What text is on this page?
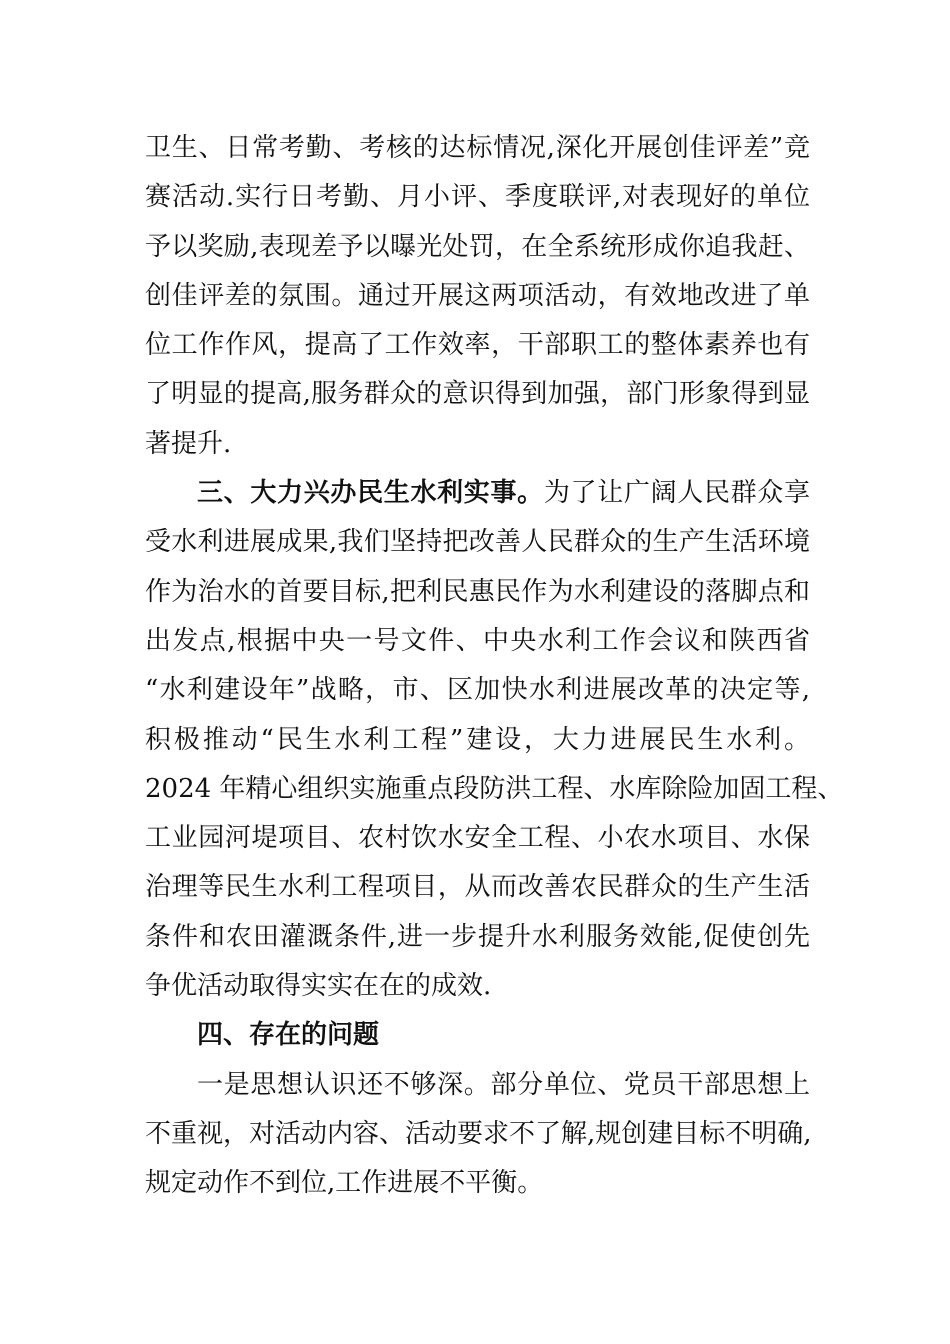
卫生、日常考勤、考核的达标情况,深化开展创佳评差”竞
赛活动.实行日考勤、月小评、季度联评,对表现好的单位
予以奖励,表现差予以曝光处罚，在全系统形成你追我赶、
创佳评差的氛围。通过开展这两项活动，有效地改进了单
位工作作风，提高了工作效率，干部职工的整体素养也有
了明显的提高,服务群众的意识得到加强，部门形象得到显
著提升.
三、大力兴办民生水利实事。为了让广阔人民群众享
受水利进展成果,我们坚持把改善人民群众的生产生活环境
作为治水的首要目标,把利民惠民作为水利建设的落脚点和
出发点,根据中央一号文件、中央水利工作会议和陕西省
“水利建设年”战略，市、区加快水利进展改革的决定等,
积极推动“民生水利工程”建设，大力进展民生水利。
2024 年精心组织实施重点段防洪工程、水库除险加固工程、
工业园河堤项目、农村饮水安全工程、小农水项目、水保
治理等民生水利工程项目，从而改善农民群众的生产生活
条件和农田灌溉条件,进一步提升水利服务效能,促使创先
争优活动取得实实在在的成效.
四、存在的问题
一是思想认识还不够深。部分单位、党员干部思想上
不重视，对活动内容、活动要求不了解,规创建目标不明确,
规定动作不到位,工作进展不平衡。
